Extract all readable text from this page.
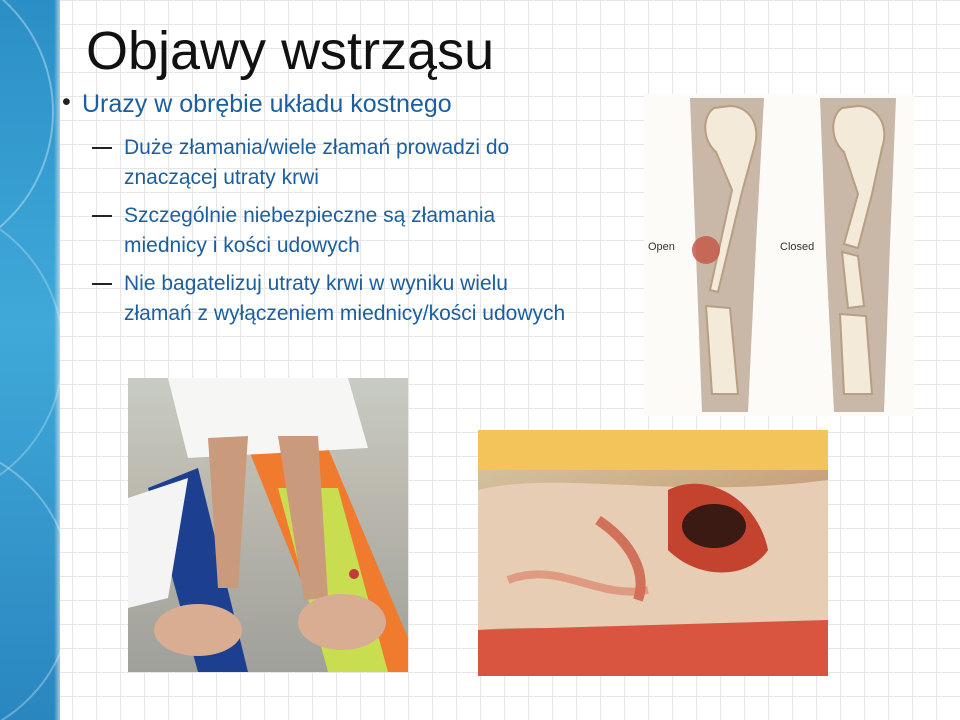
Objawy wstrząsu
• Urazy w obrębie układu kostnego
Duże złamania/wiele złamań prowadzi do
znaczącej utraty krwi
Szczególnie niebezpieczne są złamania
miednicy i kości udowych
Nie bagatelizuj utraty krwi w wyniku wielu
złamań z wyłączeniem miednicy/kości udowych
Open	Closed
